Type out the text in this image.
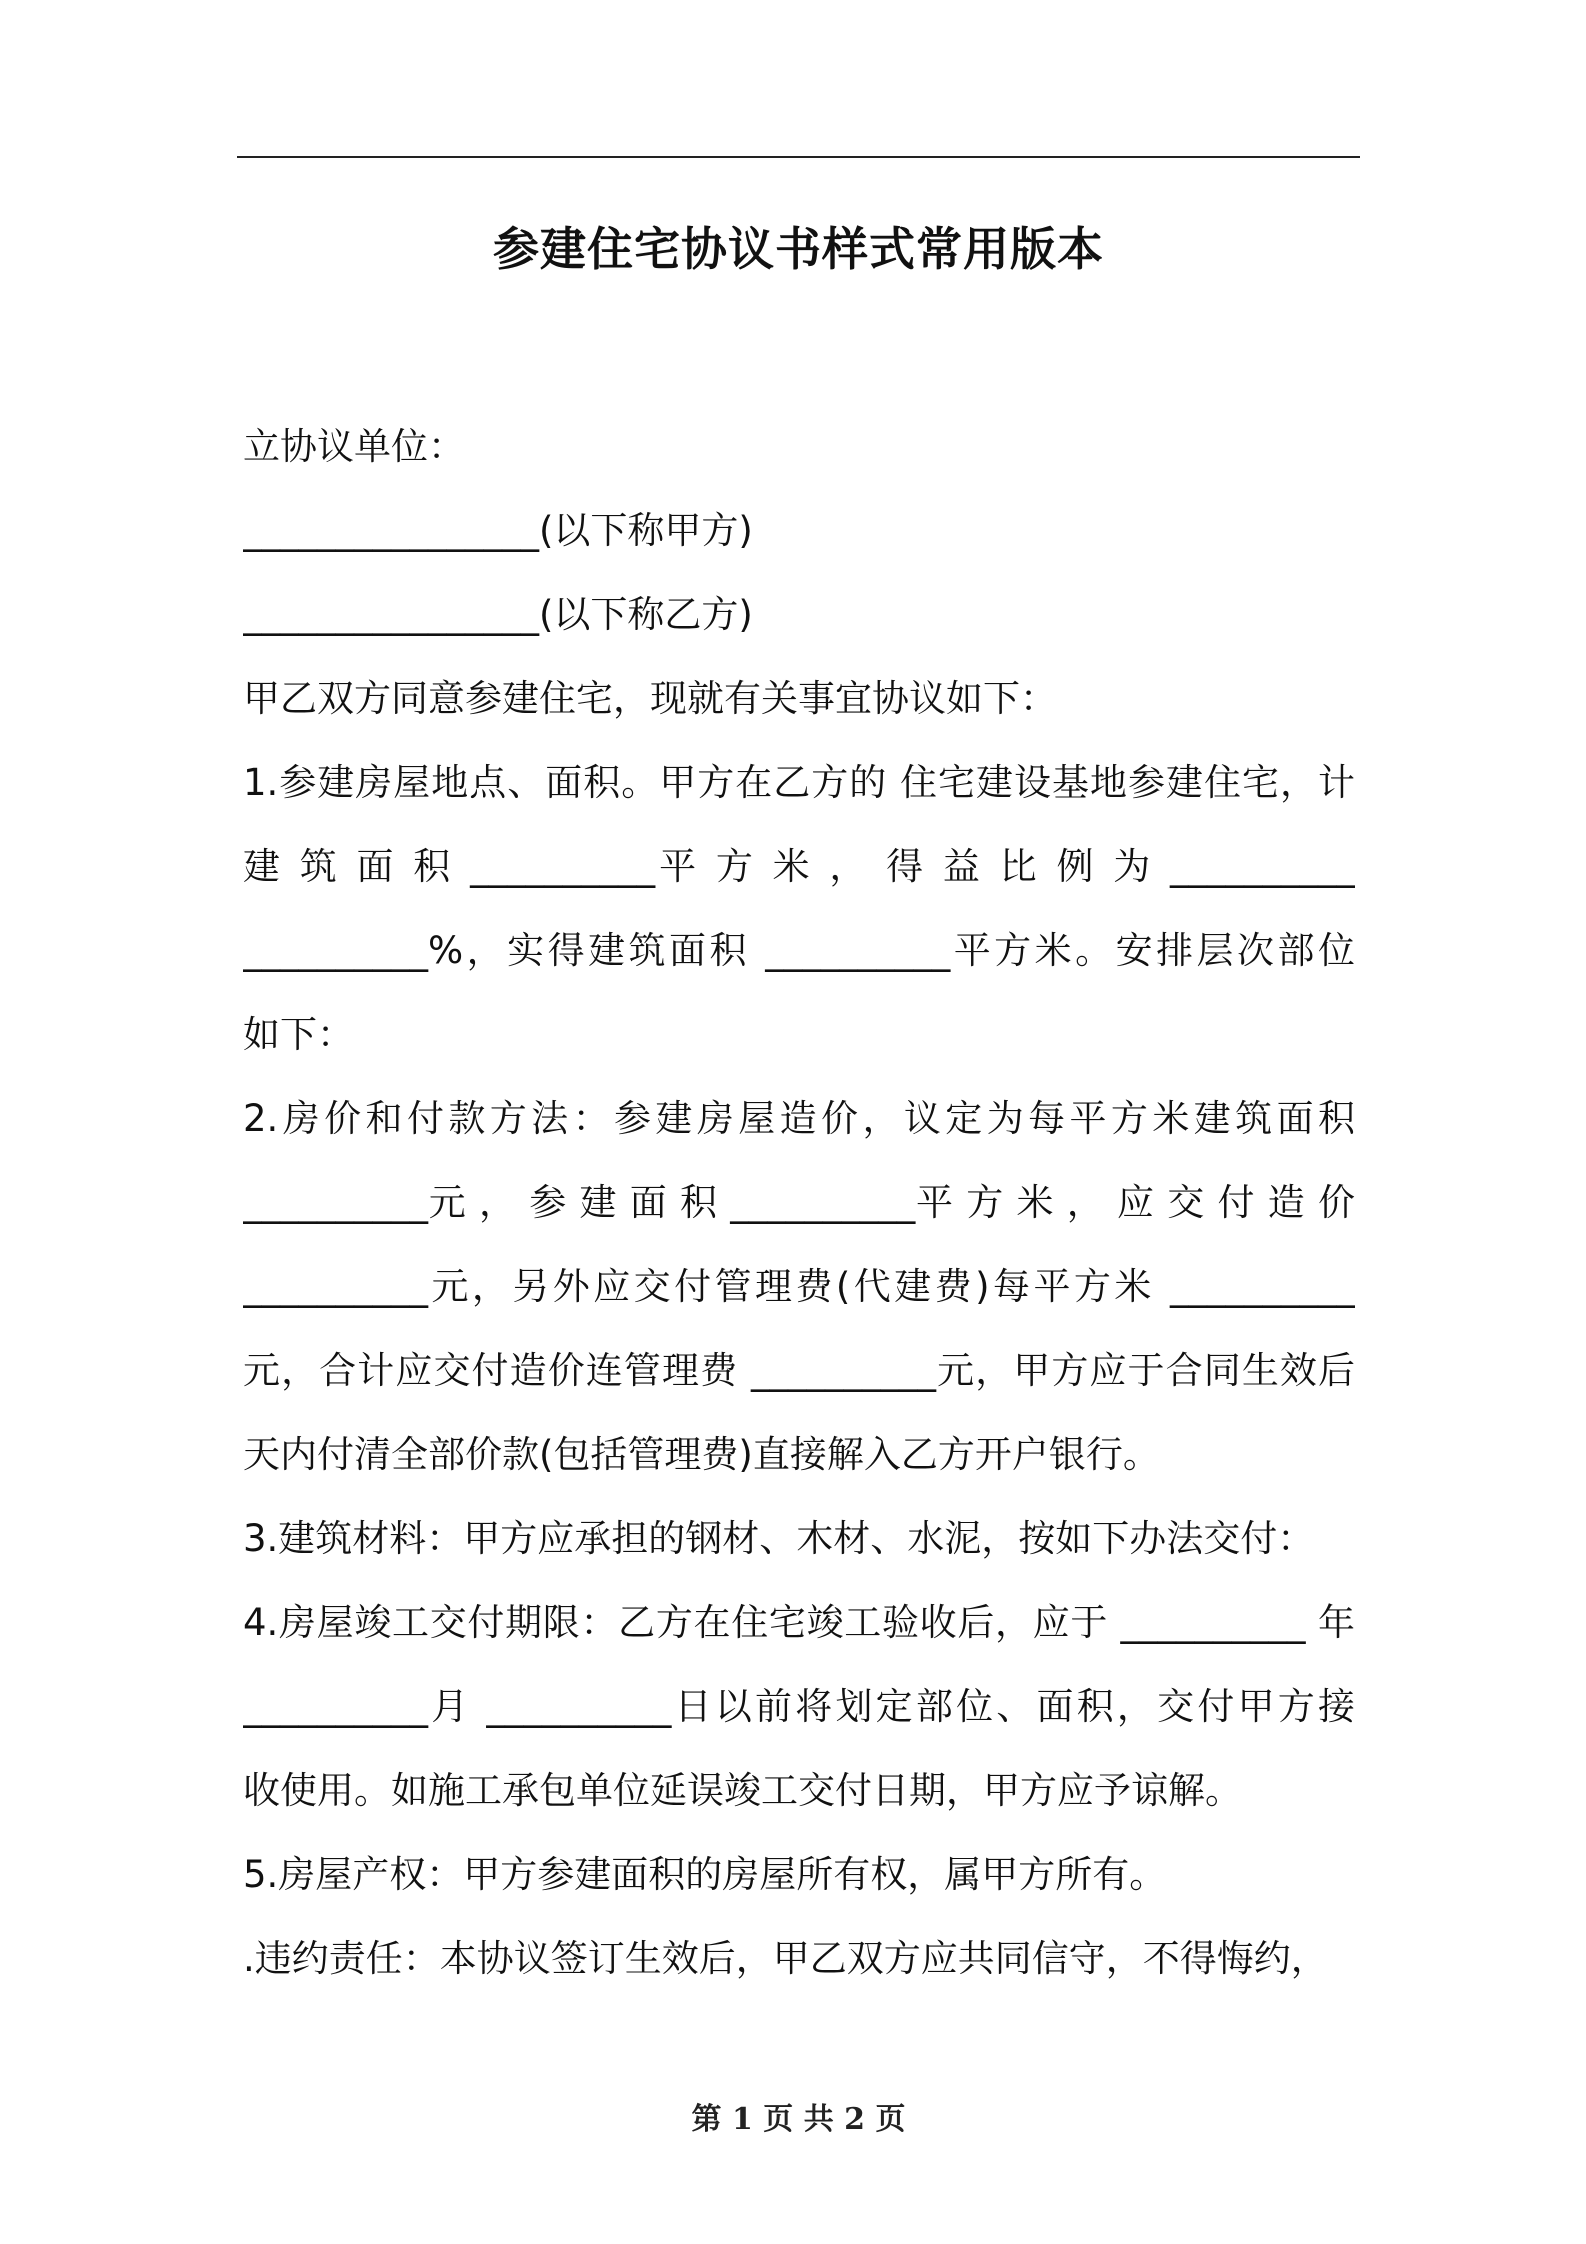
参建住宅协议书样式常用版本
立协议单位：
________________(以下称甲方)
________________(以下称乙方)
甲乙双方同意参建住宅，现就有关事宜协议如下：
1.参建房屋地点、面积。甲方在乙方的 住宅建设基地参建住宅，计
建 筑 面 积 __________平 方 米 ， 得 益 比 例 为 __________
__________%，实得建筑面积 __________平方米。安排层次部位
如下：
2.房价和付款方法：参建房屋造价，议定为每平方米建筑面积
__________元 ， 参 建 面 积 __________平 方 米 ， 应 交 付 造 价
__________元，另外应交付管理费(代建费)每平方米 __________
元，合计应交付造价连管理费 __________元，甲方应于合同生效后
天内付清全部价款(包括管理费)直接解入乙方开户银行。
3.建筑材料：甲方应承担的钢材、木材、水泥，按如下办法交付：
4.房屋竣工交付期限：乙方在住宅竣工验收后，应于 __________ 年
__________月 __________日以前将划定部位、面积，交付甲方接
收使用。如施工承包单位延误竣工交付日期，甲方应予谅解。
5.房屋产权：甲方参建面积的房屋所有权，属甲方所有。
.违约责任：本协议签订生效后，甲乙双方应共同信守，不得悔约，
第 1 页 共 2 页
